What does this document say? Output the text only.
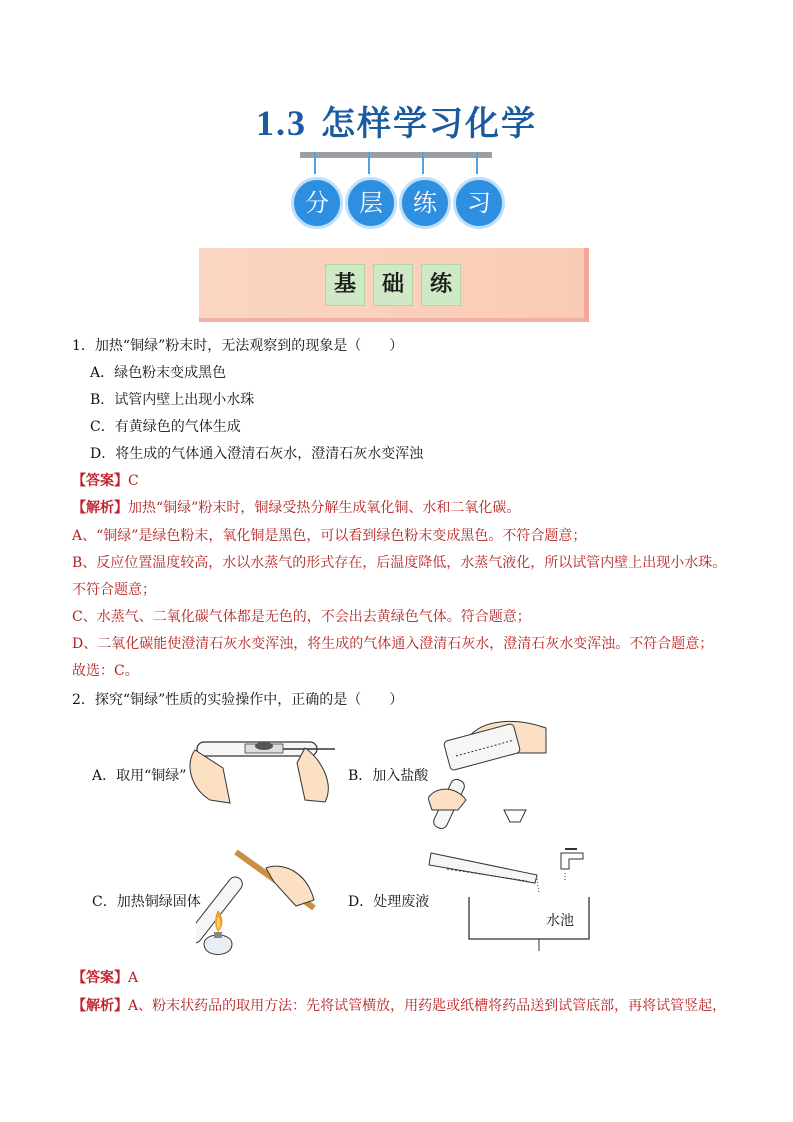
1.3 怎样学习化学
分	层	练	习
基	础	练
1．加热“铜绿”粉末时，无法观察到的现象是（　　）
A．绿色粉末变成黑色
B．试管内壁上出现小水珠
C．有黄绿色的气体生成
D．将生成的气体通入澄清石灰水，澄清石灰水变浑浊
【答案】C
【解析】加热“铜绿”粉末时，铜绿受热分解生成氧化铜、水和二氧化碳。
A、“铜绿”是绿色粉末，氧化铜是黑色，可以看到绿色粉末变成黑色。不符合题意；
B、反应位置温度较高，水以水蒸气的形式存在，后温度降低，水蒸气液化，所以试管内壁上出现小水珠。
不符合题意；
C、水蒸气、二氧化碳气体都是无色的，不会出去黄绿色气体。符合题意；
D、二氧化碳能使澄清石灰水变浑浊，将生成的气体通入澄清石灰水，澄清石灰水变浑浊。不符合题意；
故选：C。
2．探究“铜绿”性质的实验操作中，正确的是（　　）
A．取用“铜绿”	B．加入盐酸
C．加热铜绿固体	D．处理废液
水池
【答案】A
【解析】A、粉末状药品的取用方法：先将试管横放，用药匙或纸槽将药品送到试管底部，再将试管竖起，
